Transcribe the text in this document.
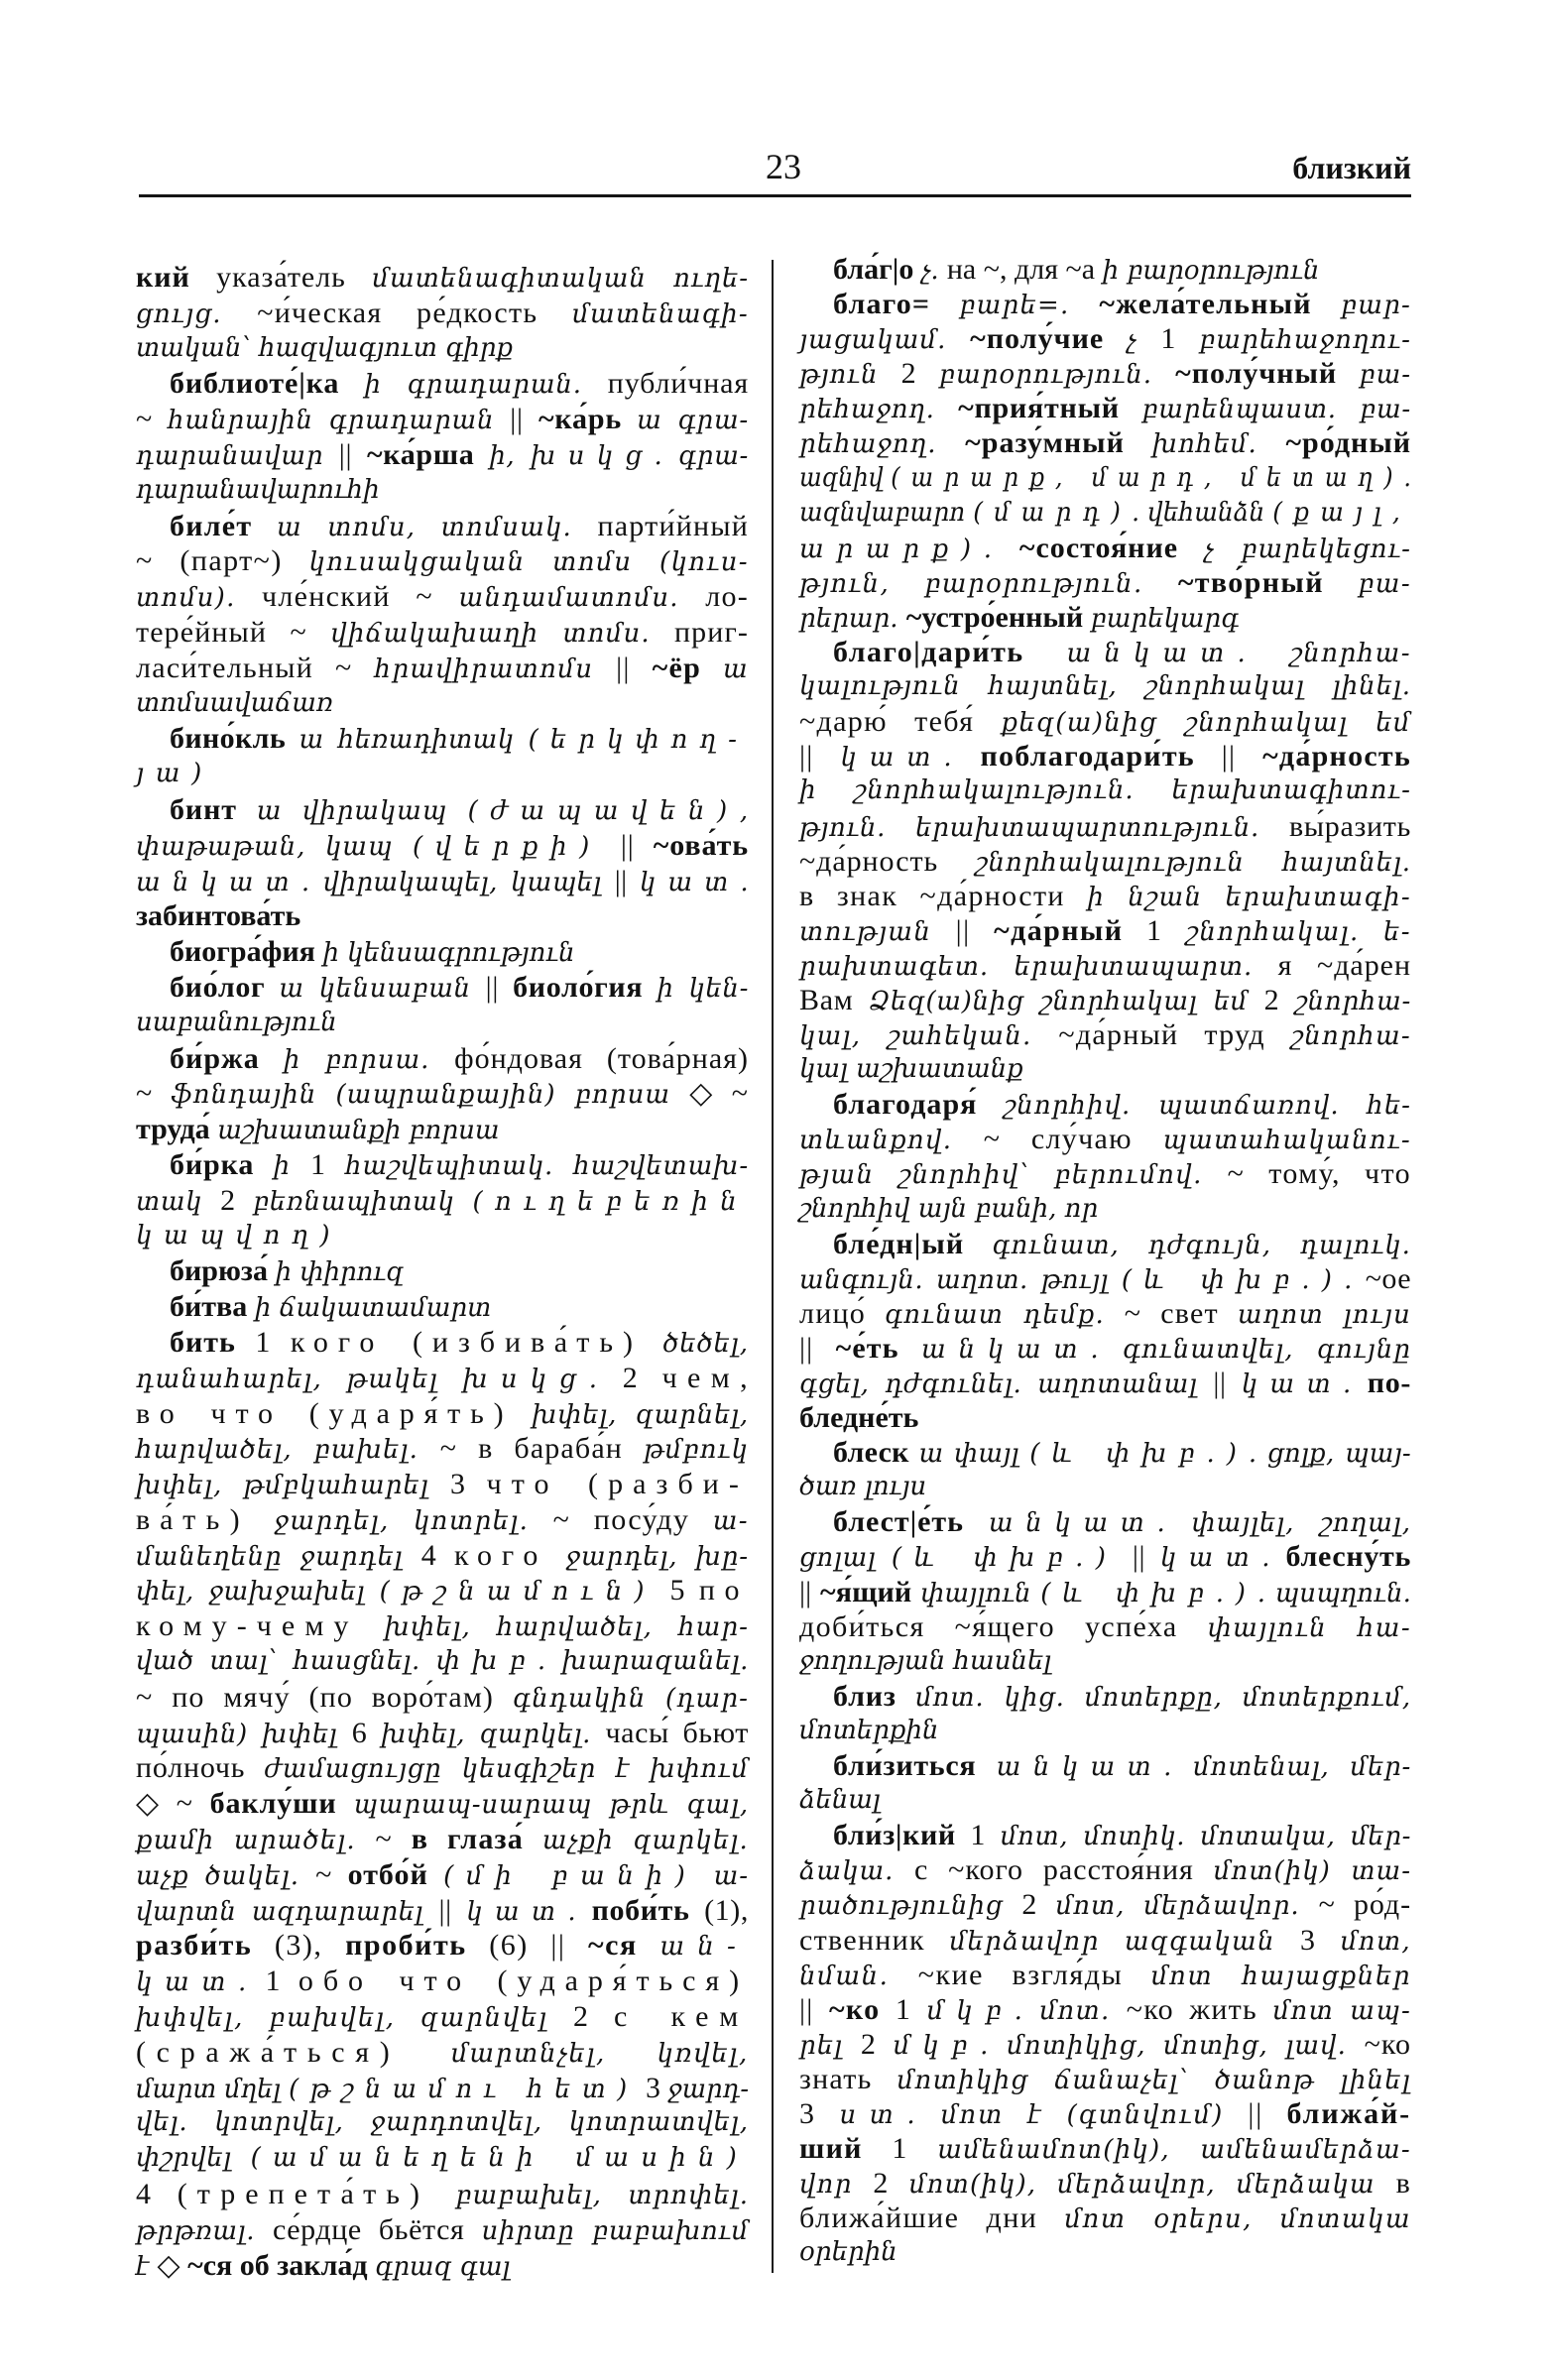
23	близкий
кий указа́тель մատենագիտական ուղե-
ցույց. ~и́ческая ре́дкость մատենագի-
տական՝ հազվագյուտ գիրք
библиоте́|ка ի գրադարան. публи́чная
~ հանրային գրադարան || ~ка́рь ա գրա-
դարանավար || ~ка́рша ի, խսկց. գրա-
դարանավարուհի
биле́т ա տոմս, տոմսակ. парти́йный
~ (парт~) կուսակցական տոմս (կուս-
տոմս). чле́нский ~ անդամատոմս. ло-
тере́йный ~ վիճակախաղի տոմս. приг-
ласи́тельный ~ հրավիրատոմս || ~ёр ա
տոմսավաճառ
бино́кль ա հեռադիտակ (երկփող-
յա)
бинт ա վիրակապ (ժապավեն),
փաթաթան, կապ (վերքի) || ~ова́ть
անկատ. վիրակապել, կապել || կատ.
забинтова́ть
биогра́фия ի կենսագրություն
био́лог ա կենսաբան || биоло́гия ի կեն-
սաբանություն
би́ржа ի բորսա. фо́ндовая (това́рная)
~ ֆոնդային (ապրանքային) բորսա ◇ ~
труда́ աշխատանքի բորսա
би́рка ի 1 հաշվեպիտակ. հաշվետախ-
տակ 2 բեռնապիտակ (ուղեբեռին
կապվող)
бирюза́ ի փիրուզ
би́тва ի ճակատամարտ
бить 1 кого (избива́ть) ծեծել,
դանահարել, թակել խսկց. 2 чем,
во что (ударя́ть) խփել, զարնել,
հարվածել, բախել. ~ в бараба́н թմբուկ
խփել, թմբկահարել 3 что (разби-
ва́ть) ջարդել, կոտրել. ~ посу́ду ա-
մանեղենը ջարդել 4 кого ջարդել, խը-
փել, ջախջախել (թշնամուն) 5 по
кому-чему խփել, հարվածել, հար-
ված տալ՝ հասցնել. փխբ. խարազանել.
~ по мячу́ (по воро́там) գնդակին (դար-
պասին) խփել 6 խփել, զարկել. часы́ бьют
по́лночь ժամացույցը կեսգիշեր է խփում
◇ ~ баклу́ши պարապ-սարապ թրև գալ,
քամի արածել. ~ в глаза́ աչքի զարկել.
աչք ծակել. ~ отбо́й (մի բանի) ա-
վարտն ազդարարել || կատ. поби́ть (1),
разби́ть (3), проби́ть (6) || ~ся ան-
կատ. 1 обо что (ударя́ться)
խփվել, բախվել, զարնվել 2 с кем
(сража́ться) մարտնչել, կռվել,
մարտ մղել (թշնամու հետ) 3 ջարդ-
վել. կոտրվել, ջարդոտվել, կոտրատվել,
փշրվել (ամանեղենի մասին)
4 (трепета́ть) բաբախել, տրոփել.
թրթռալ. се́рдце бьётся սիրտը բաբախում
է ◇ ~ся об закла́д գրազ գալ
бла́г|о չ. на ~, для ~а ի բարօրություն
благо= բարե=. ~жела́тельный բար-
յացակամ. ~полу́чие չ 1 բարեհաջողու-
թյուն 2 բարօրություն. ~полу́чный բա-
րեհաջող. ~прия́тный բարենպաստ. բա-
րեհաջող. ~разу́мный խոհեմ. ~ро́дный
ազնիվ (արարք, մարդ, մետաղ).
ազնվաբարո (մարդ). վեհանձն (քայլ,
արարք). ~состоя́ние չ բարեկեցու-
թյուն, բարօրություն. ~тво́рный բա-
րերար. ~устро́енный բարեկարգ
благо|дари́ть անկատ. շնորհա-
կալություն հայտնել, շնորհակալ լինել.
~дарю́ тебя́ քեզ(ա)նից շնորհակալ եմ
|| կատ. поблагодари́ть || ~да́рность
ի շնորհակալություն. երախտագիտու-
թյուն. երախտապարտություն. вы́разить
~да́рность շնորհակալություն հայտնել.
в знак ~да́рности ի նշան երախտագի-
տության || ~да́рный 1 շնորհակալ. ե-
րախտագետ. երախտապարտ. я ~да́рен
Вам Ձեզ(ա)նից շնորհակալ եմ 2 շնորհա-
կալ, շահեկան. ~да́рный труд շնորհա-
կալ աշխատանք
благодаря́ շնորհիվ. պատճառով. հե-
տևանքով. ~ слу́чаю պատահականու-
թյան շնորհիվ՝ բերումով. ~ тому́, что
շնորհիվ այն բանի, որ
бле́дн|ый գունատ, դժգույն, դալուկ.
անգույն. աղոտ. թույլ (և փխբ.). ~ое
лицо́ գունատ դեմք. ~ свет աղոտ լույս
|| ~е́ть անկատ. գունատվել, գույնը
գցել, դժգունել. աղոտանալ || կատ. по-
бледне́ть
блеск ա փայլ (և փխբ.). ցոլք, պայ-
ծառ լույս
блест|е́ть անկատ. փայլել, շողալ,
ցոլալ (և փխբ.) || կատ. блесну́ть
|| ~я́щий փայլուն (և փխբ.). պսպղուն.
доби́ться ~я́щего успе́ха փայլուն հա-
ջողության հասնել
близ մոտ. կից. մոտերքը, մոտերքում,
մոտերքին
бли́зиться անկատ. մոտենալ, մեր-
ձենալ
бли́з|кий 1 մոտ, մոտիկ. մոտակա, մեր-
ձակա. с ~кого расстоя́ния մոտ(իկ) տա-
րածությունից 2 մոտ, մերձավոր. ~ ро́д-
ственник մերձավոր ազգական 3 մոտ,
նման. ~кие взгля́ды մոտ հայացքներ
|| ~ко 1 մկբ. մոտ. ~ко жить մոտ ապ-
րել 2 մկբ. մոտիկից, մոտից, լավ. ~ко
знать մոտիկից ճանաչել՝ ծանոթ լինել
3 ստ. մոտ է (գտնվում) || ближа́й-
ший 1 ամենամոտ(իկ), ամենամերձա-
վոր 2 մոտ(իկ), մերձավոր, մերձակա в
ближа́йшие дни մոտ օրերս, մոտակա
օրերին
